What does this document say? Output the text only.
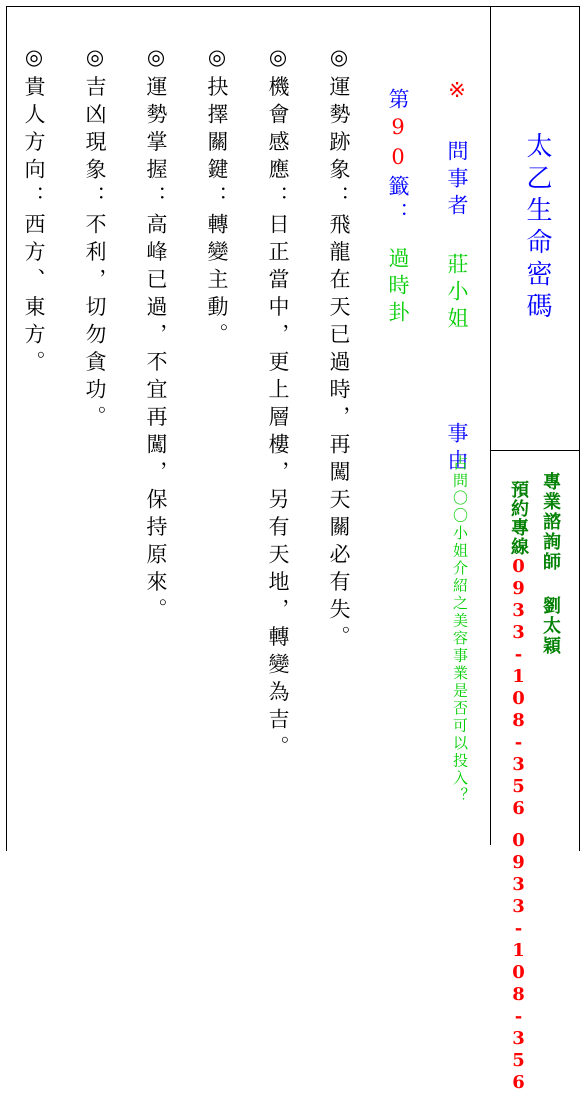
太乙生命密碼
專業諮詢師劉太穎
預約專線0933-108-3560933-108-356
※問事者莊小姐事由
占問〇〇小姐介紹之美容事業是否可以投入？
第90籤：過時卦

◎運勢跡象：飛龍在天已過時，再闖天關必有失。

◎機會感應：日正當中，更上層樓，另有天地，轉變為吉。

◎抉擇關鍵：轉變主動。

◎運勢掌握：高峰已過，不宜再闖，保持原來。

◎吉凶現象：不利，切勿貪功。

◎貴人方向：西方、東方。
